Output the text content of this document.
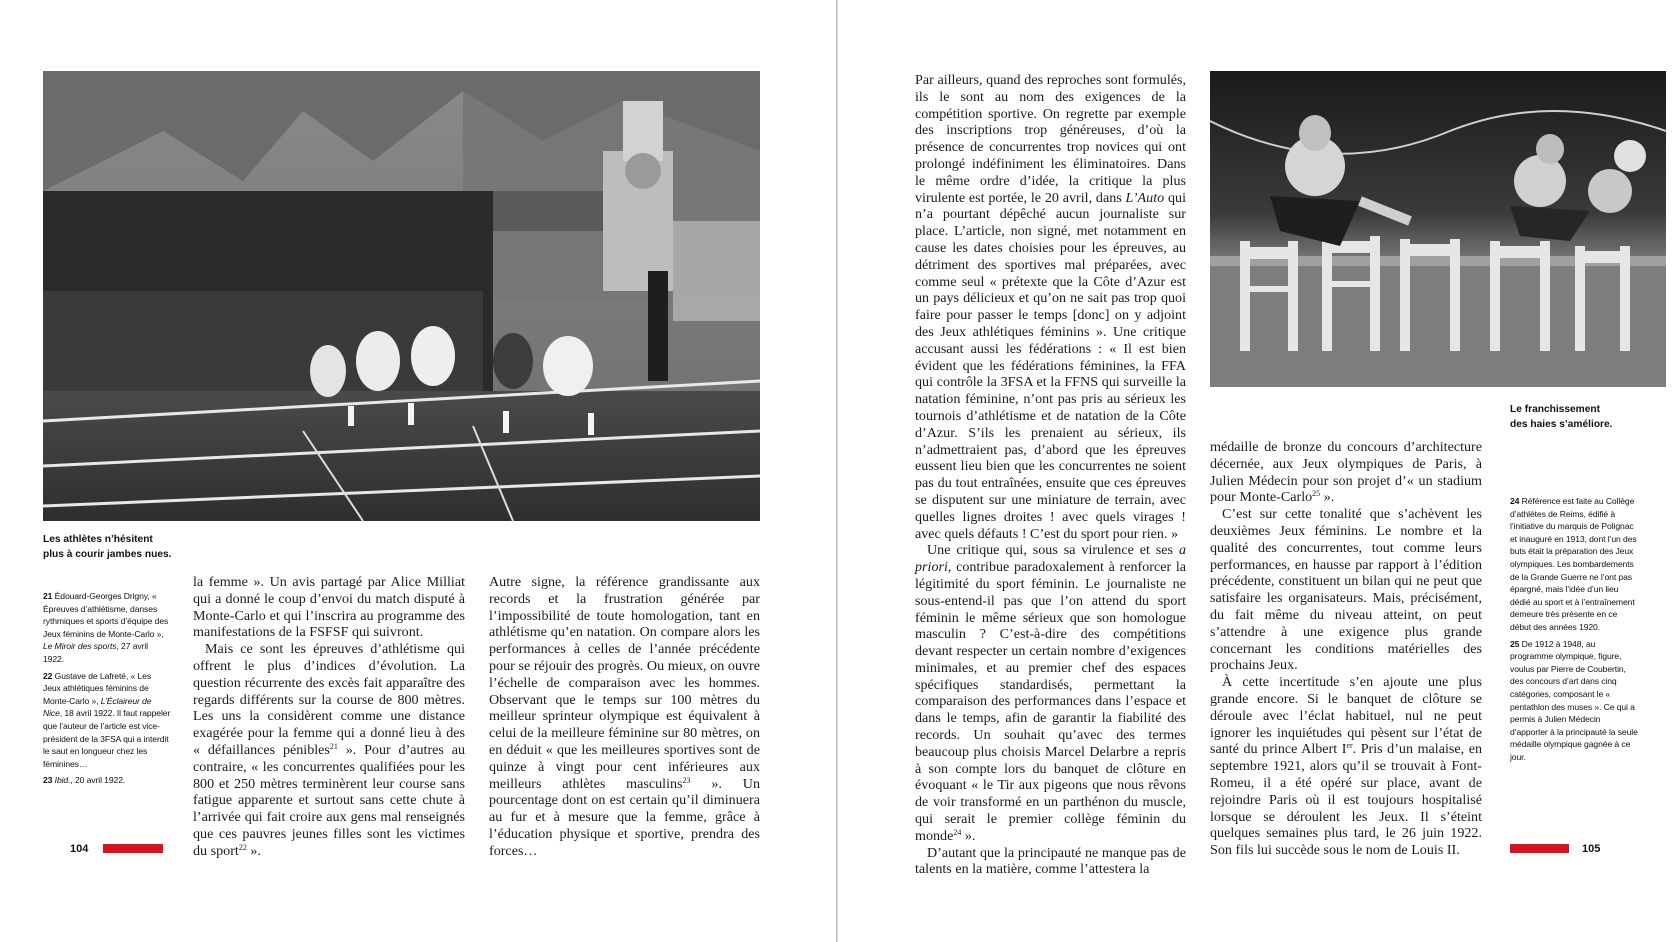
Les athlètes n’hésitent
plus à courir jambes nues.

21 Édouard-Georges Drigny, « Épreuves d’athlétisme, danses rythmiques et sports d’équipe des Jeux féminins de Monte-Carlo », Le Miroir des sports, 27 avril 1922.

22 Gustave de Lafreté, « Les Jeux athlétiques féminins de Monte-Carlo », L’Éclaireur de Nice, 18 avril 1922. Il faut rappeler que l’auteur de l’article est vice-président de la 3FSA qui a interdit le saut en longueur chez les féminines…

23 Ibid., 20 avril 1922.

la femme ». Un avis partagé par Alice Milliat qui a donné le coup d’envoi du match disputé à Monte-Carlo et qui l’inscrira au programme des manifestations de la FSFSF qui suivront.

Mais ce sont les épreuves d’athlétisme qui offrent le plus d’indices d’évolution. La question récurrente des excès fait apparaître des regards différents sur la course de 800 mètres. Les uns la considèrent comme une distance exagérée pour la femme qui a donné lieu à des « défaillances pénibles$^{21}$ ». Pour d’autres au contraire, « les concurrentes qualifiées pour les 800 et 250 mètres terminèrent leur course sans fatigue apparente et surtout sans cette chute à l’arrivée qui fait croire aux gens mal renseignés que ces pauvres jeunes filles sont les victimes du sport$^{22}$ ».

Autre signe, la référence grandissante aux records et la frustration générée par l’impossibilité de toute homologation, tant en athlétisme qu’en natation. On compare alors les performances à celles de l’année précédente pour se réjouir des progrès. Ou mieux, on ouvre l’échelle de comparaison avec les hommes. Observant que le temps sur 100 mètres du meilleur sprinteur olympique est équivalent à celui de la meilleure féminine sur 80 mètres, on en déduit « que les meilleures sportives sont de quinze à vingt pour cent inférieures aux meilleurs athlètes masculins$^{23}$ ». Un pourcentage dont on est certain qu’il diminuera au fur et à mesure que la femme, grâce à l’éducation physique et sportive, prendra des forces…

104

Par ailleurs, quand des reproches sont formulés, ils le sont au nom des exigences de la compétition sportive. On regrette par exemple des inscriptions trop généreuses, d’où la présence de concurrentes trop novices qui ont prolongé indéfiniment les éliminatoires. Dans le même ordre d’idée, la critique la plus virulente est portée, le 20 avril, dans L’Auto qui n’a pourtant dépêché aucun journaliste sur place. L’article, non signé, met notamment en cause les dates choisies pour les épreuves, au détriment des sportives mal préparées, avec comme seul « prétexte que la Côte d’Azur est un pays délicieux et qu’on ne sait pas trop quoi faire pour passer le temps [donc] on y adjoint des Jeux athlétiques féminins ». Une critique accusant aussi les fédérations : « Il est bien évident que les fédérations féminines, la FFA qui contrôle la 3FSA et la FFNS qui surveille la natation féminine, n’ont pas pris au sérieux les tournois d’athlétisme et de natation de la Côte d’Azur. S’ils les prenaient au sérieux, ils n’admettraient pas, d’abord que les épreuves eussent lieu bien que les concurrentes ne soient pas du tout entraînées, ensuite que ces épreuves se disputent sur une miniature de terrain, avec quelles lignes droites ! avec quels virages ! avec quels défauts ! C’est du sport pour rien. »

Une critique qui, sous sa virulence et ses a priori, contribue paradoxalement à renforcer la légitimité du sport féminin. Le journaliste ne sous-entend-il pas que l’on attend du sport féminin le même sérieux que son homologue masculin ? C’est-à-dire des compétitions devant respecter un certain nombre d’exigences minimales, et au premier chef des espaces spécifiques standardisés, permettant la comparaison des performances dans l’espace et dans le temps, afin de garantir la fiabilité des records. Un souhait qu’avec des termes beaucoup plus choisis Marcel Delarbre a repris à son compte lors du banquet de clôture en évoquant « le Tir aux pigeons que nous rêvons de voir transformé en un parthénon du muscle, qui serait le premier collège féminin du monde$^{24}$ ».

D’autant que la principauté ne manque pas de talents en la matière, comme l’attestera la

Le franchissement
des haies s’améliore.

médaille de bronze du concours d’architecture décernée, aux Jeux olympiques de Paris, à Julien Médecin pour son projet d’« un stadium pour Monte-Carlo$^{25}$ ».

C’est sur cette tonalité que s’achèvent les deuxièmes Jeux féminins. Le nombre et la qualité des concurrentes, tout comme leurs performances, en hausse par rapport à l’édition précédente, constituent un bilan qui ne peut que satisfaire les organisateurs. Mais, précisément, du fait même du niveau atteint, on peut s’attendre à une exigence plus grande concernant les conditions matérielles des prochains Jeux.

À cette incertitude s’en ajoute une plus grande encore. Si le banquet de clôture se déroule avec l’éclat habituel, nul ne peut ignorer les inquiétudes qui pèsent sur l’état de santé du prince Albert Ier. Pris d’un malaise, en septembre 1921, alors qu’il se trouvait à Font-Romeu, il a été opéré sur place, avant de rejoindre Paris où il est toujours hospitalisé lorsque se déroulent les Jeux. Il s’éteint quelques semaines plus tard, le 26 juin 1922. Son fils lui succède sous le nom de Louis II.

24 Référence est faite au Collège d’athlètes de Reims, édifié à l’initiative du marquis de Polignac et inauguré en 1913, dont l’un des buts était la préparation des Jeux olympiques. Les bombardements de la Grande Guerre ne l’ont pas épargné, mais l’idée d’un lieu dédié au sport et à l’entraînement demeure très présente en ce début des années 1920.

25 De 1912 à 1948, au programme olympique, figure, voulus par Pierre de Coubertin, des concours d’art dans cinq catégories, composant le « pentathlon des muses ». Ce qui a permis à Julien Médecin d’apporter à la principauté la seule médaille olympique gagnée à ce jour.

105
